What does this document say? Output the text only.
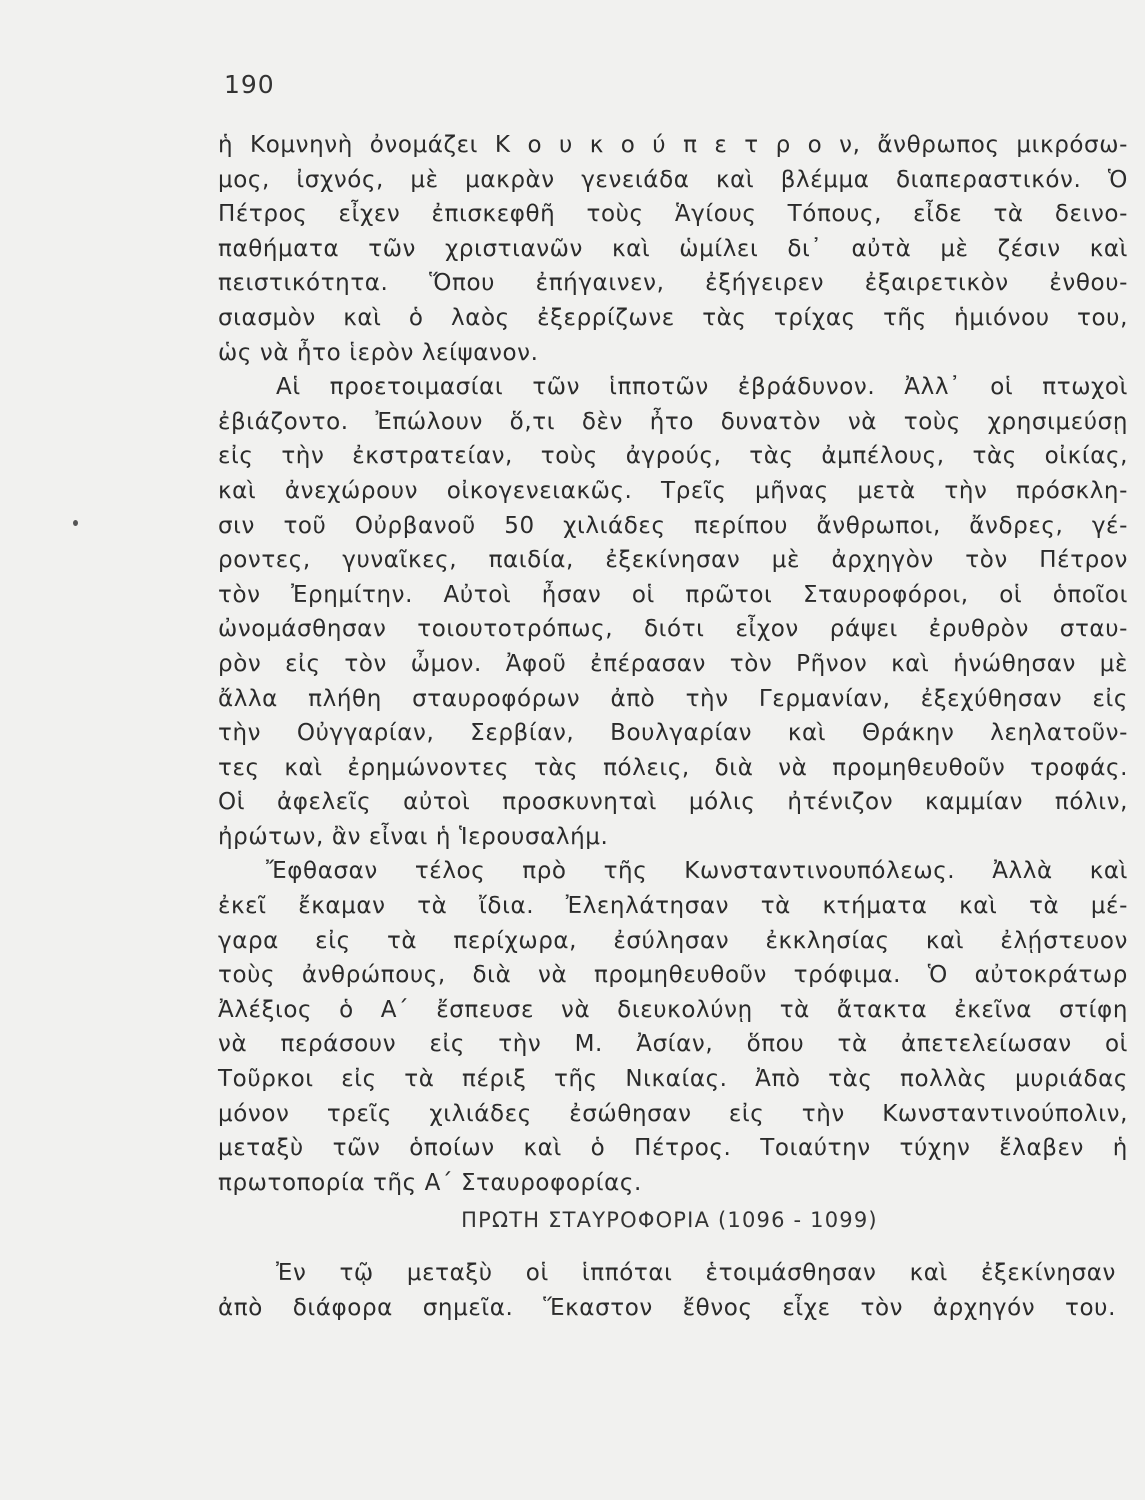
190
ἡ Κομνηνὴ ὀνομάζει Κ ο υ κ ο ύ π ε τ ρ ο ν, ἄνθρωπος μικρόσω-
μος, ἰσχνός, μὲ μακρὰν γενειάδα καὶ βλέμμα διαπεραστικόν. Ὁ
Πέτρος εἶχεν ἐπισκεφθῆ τοὺς Ἁγίους Τόπους, εἶδε τὰ δεινο-
παθήματα τῶν χριστιανῶν καὶ ὡμίλει δι᾽ αὐτὰ μὲ ζέσιν καὶ
πειστικότητα. Ὅπου ἐπήγαινεν, ἐξήγειρεν ἐξαιρετικὸν ἐνθου-
σιασμὸν καὶ ὁ λαὸς ἐξερρίζωνε τὰς τρίχας τῆς ἡμιόνου του,
ὡς νὰ ἦτο ἱερὸν λείψανον.
Αἱ προετοιμασίαι τῶν ἱπποτῶν ἐβράδυνον. Ἀλλ᾽ οἱ πτωχοὶ
ἐβιάζοντο. Ἐπώλουν ὅ,τι δὲν ἦτο δυνατὸν νὰ τοὺς χρησιμεύσῃ
εἰς τὴν ἐκστρατείαν, τοὺς ἀγρούς, τὰς ἀμπέλους, τὰς οἰκίας,
καὶ ἀνεχώρουν οἰκογενειακῶς. Τρεῖς μῆνας μετὰ τὴν πρόσκλη-
σιν τοῦ Οὐρβανοῦ 50 χιλιάδες περίπου ἄνθρωποι, ἄνδρες, γέ-
ροντες, γυναῖκες, παιδία, ἐξεκίνησαν μὲ ἀρχηγὸν τὸν Πέτρον
τὸν Ἐρημίτην. Αὐτοὶ ἦσαν οἱ πρῶτοι Σταυροφόροι, οἱ ὁποῖοι
ὠνομάσθησαν τοιουτοτρόπως, διότι εἶχον ράψει ἐρυθρὸν σταυ-
ρὸν εἰς τὸν ὦμον. Ἀφοῦ ἐπέρασαν τὸν Ρῆνον καὶ ἡνώθησαν μὲ
ἄλλα πλήθη σταυροφόρων ἀπὸ τὴν Γερμανίαν, ἐξεχύθησαν εἰς
τὴν Οὐγγαρίαν, Σερβίαν, Βουλγαρίαν καὶ Θράκην λεηλατοῦν-
τες καὶ ἐρημώνοντες τὰς πόλεις, διὰ νὰ προμηθευθοῦν τροφάς.
Οἱ ἀφελεῖς αὐτοὶ προσκυνηταὶ μόλις ἠτένιζον καμμίαν πόλιν,
ἠρώτων, ἂν εἶναι ἡ Ἱερουσαλήμ.
Ἔφθασαν τέλος πρὸ τῆς Κωνσταντινουπόλεως. Ἀλλὰ καὶ
ἐκεῖ ἔκαμαν τὰ ἴδια. Ἐλεηλάτησαν τὰ κτήματα καὶ τὰ μέ-
γαρα εἰς τὰ περίχωρα, ἐσύλησαν ἐκκλησίας καὶ ἐλῄστευον
τοὺς ἀνθρώπους, διὰ νὰ προμηθευθοῦν τρόφιμα. Ὁ αὐτοκράτωρ
Ἀλέξιος ὁ Α΄ ἔσπευσε νὰ διευκολύνῃ τὰ ἄτακτα ἐκεῖνα στίφη
νὰ περάσουν εἰς τὴν Μ. Ἀσίαν, ὅπου τὰ ἀπετελείωσαν οἱ
Τοῦρκοι εἰς τὰ πέριξ τῆς Νικαίας. Ἀπὸ τὰς πολλὰς μυριάδας
μόνον τρεῖς χιλιάδες ἐσώθησαν εἰς τὴν Κωνσταντινούπολιν,
μεταξὺ τῶν ὁποίων καὶ ὁ Πέτρος. Τοιαύτην τύχην ἔλαβεν ἡ
πρωτοπορία τῆς Α΄ Σταυροφορίας.
ΠΡΩΤΗ ΣΤΑΥΡΟΦΟΡΙΑ (1096 - 1099)
Ἐν τῷ μεταξὺ οἱ ἱππόται ἑτοιμάσθησαν καὶ ἐξεκίνησαν
ἀπὸ διάφορα σημεῖα. Ἕκαστον ἔθνος εἶχε τὸν ἀρχηγόν του.
